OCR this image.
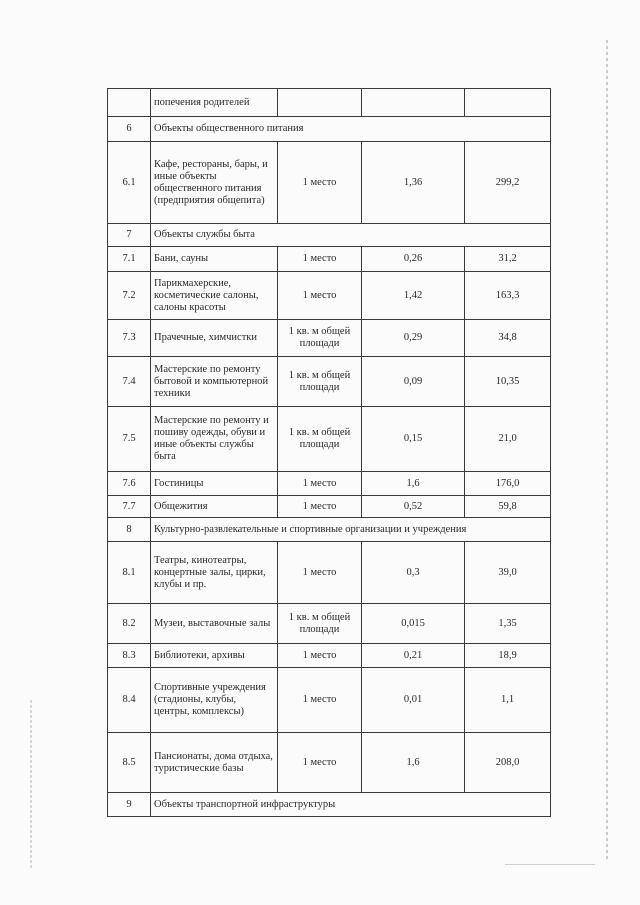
	попечения родителей			
6	Объекты общественного питания			
6.1	Кафе, рестораны, бары, и иные объекты общественного питания (предприятия общепита)	1 место	1,36	299,2
7	Объекты службы быта			
7.1	Бани, сауны	1 место	0,26	31,2
7.2	Парикмахерские, косметические салоны, салоны красоты	1 место	1,42	163,3
7.3	Прачечные, химчистки	1 кв. м общей площади	0,29	34,8
7.4	Мастерские по ремонту бытовой и компьютерной техники	1 кв. м общей площади	0,09	10,35
7.5	Мастерские по ремонту и пошиву одежды, обуви и иные объекты службы быта	1 кв. м общей площади	0,15	21,0
7.6	Гостиницы	1 место	1,6	176,0
7.7	Общежития	1 место	0,52	59,8
8	Культурно-развлекательные и спортивные организации и учреждения			
8.1	Театры, кинотеатры, концертные залы, цирки, клубы и пр.	1 место	0,3	39,0
8.2	Музеи, выставочные залы	1 кв. м общей площади	0,015	1,35
8.3	Библиотеки, архивы	1 место	0,21	18,9
8.4	Спортивные учреждения (стадионы, клубы, центры, комплексы)	1 место	0,01	1,1
8.5	Пансионаты, дома отдыха, туристические базы	1 место	1,6	208,0
9	Объекты транспортной инфраструктуры			
